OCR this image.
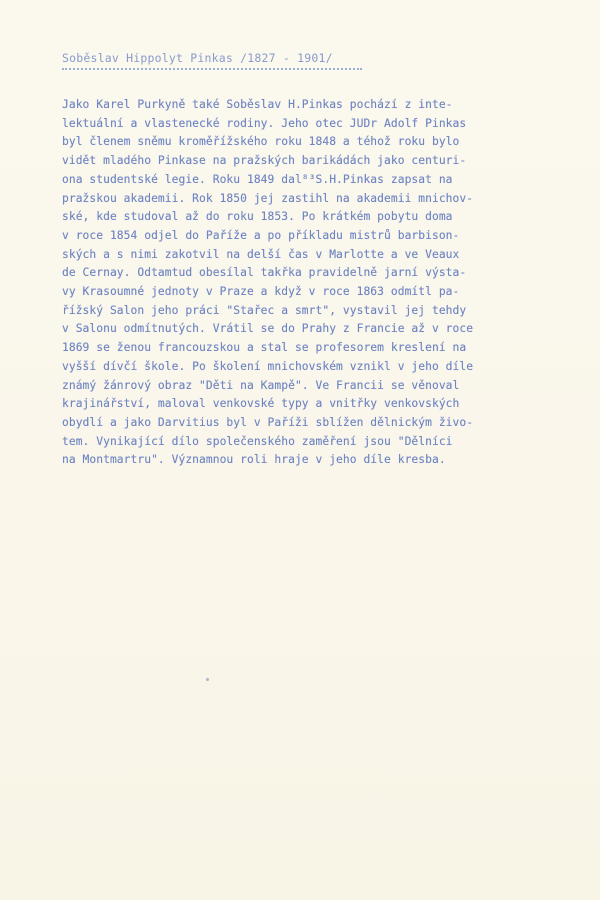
Soběslav Hippolyt Pinkas /1827 - 1901/
Jako Karel Purkyně také Soběslav H.Pinkas pochází z inte-
lektuální a vlastenecké rodiny. Jeho otec JUDr Adolf Pinkas
byl členem sněmu kroměřížského roku 1848 a téhož roku bylo
vidět mladého Pinkase na pražských barikádách jako centuri-
ona studentské legie. Roku 1849 dal⁸³S.H.Pinkas zapsat na
pražskou akademii. Rok 1850 jej zastihl na akademii mnichov-
ské, kde studoval až do roku 1853. Po krátkém pobytu doma
v roce 1854 odjel do Paříže a po příkladu mistrů barbison-
ských a s nimi zakotvil na delší čas v Marlotte a ve Veaux
de Cernay. Odtamtud obesílal takřka pravidelně jarní výsta-
vy Krasoumné jednoty v Praze a když v roce 1863 odmítl pa-
řížský Salon jeho práci "Stařec a smrt", vystavil jej tehdy
v Salonu odmítnutých. Vrátil se do Prahy z Francie až v roce
1869 se ženou francouzskou a stal se profesorem kreslení na
vyšší dívčí škole. Po školení mnichovském vznikl v jeho díle
známý žánrový obraz "Děti na Kampě". Ve Francii se věnoval
krajinářství, maloval venkovské typy a vnitřky venkovských
obydlí a jako Darvitius byl v Paříži sblížen dělnickým živo-
tem. Vynikající dílo společenského zaměření jsou "Dělníci
na Montmartru". Významnou roli hraje v jeho díle kresba.
